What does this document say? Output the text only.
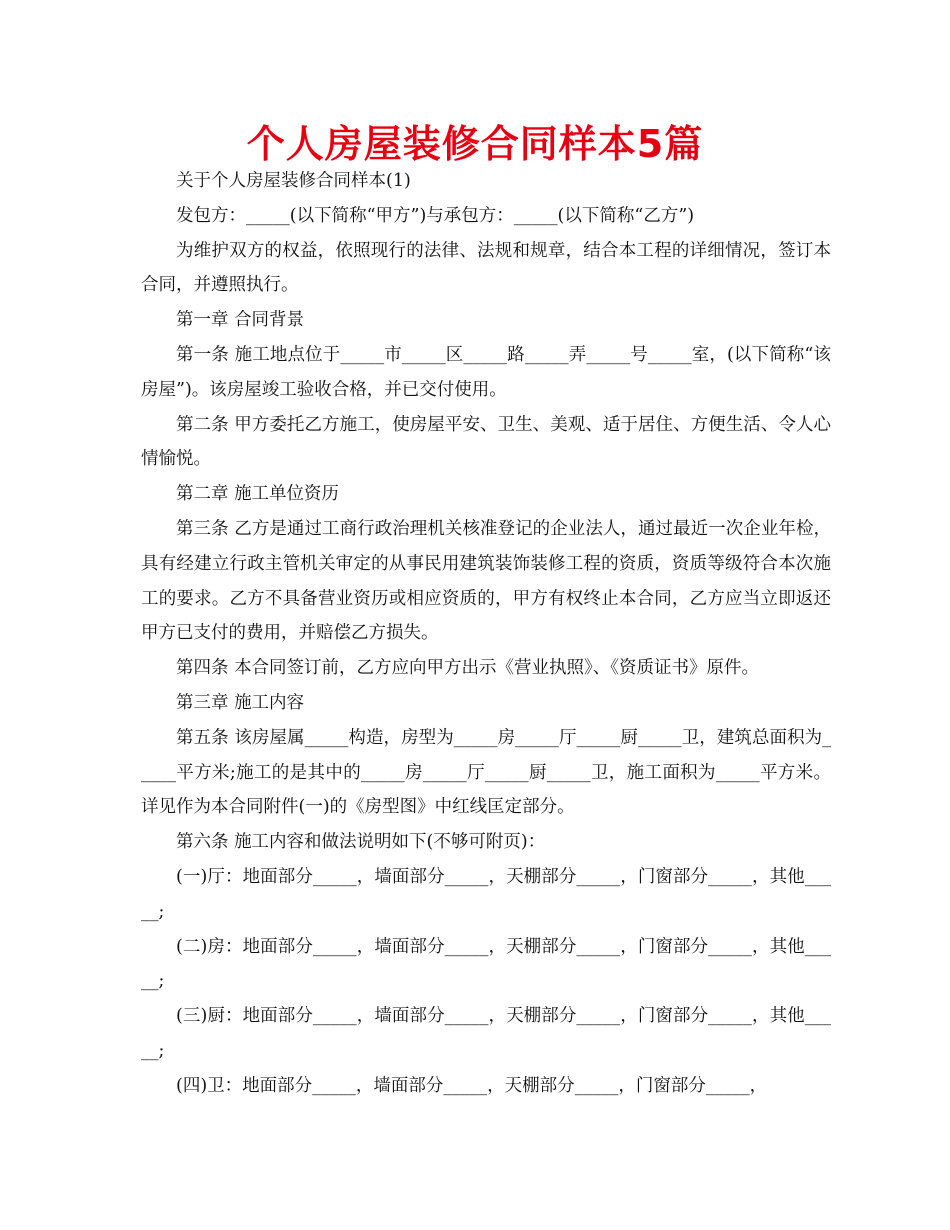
个人房屋装修合同样本5篇

关于个人房屋装修合同样本(1)

发包方：_____(以下简称“甲方”)与承包方：_____(以下简称“乙方”)

为维护双方的权益，依照现行的法律、法规和规章，结合本工程的详细情况，签订本合同，并遵照执行。

第一章 合同背景

第一条 施工地点位于_____市_____区_____路_____弄_____号_____室，(以下简称“该房屋”)。该房屋竣工验收合格，并已交付使用。

第二条 甲方委托乙方施工，使房屋平安、卫生、美观、适于居住、方便生活、令人心情愉悦。

第二章 施工单位资历

第三条 乙方是通过工商行政治理机关核准登记的企业法人，通过最近一次企业年检，具有经建立行政主管机关审定的从事民用建筑装饰装修工程的资质，资质等级符合本次施工的要求。乙方不具备营业资历或相应资质的，甲方有权终止本合同，乙方应当立即返还甲方已支付的费用，并赔偿乙方损失。

第四条 本合同签订前，乙方应向甲方出示《营业执照》、《资质证书》原件。

第三章 施工内容

第五条 该房屋属_____构造，房型为_____房_____厅_____厨_____卫，建筑总面积为_____平方米;施工的是其中的_____房_____厅_____厨_____卫，施工面积为_____平方米。详见作为本合同附件(一)的《房型图》中红线匡定部分。

第六条 施工内容和做法说明如下(不够可附页)：

(一)厅：地面部分_____，墙面部分_____，天棚部分_____，门窗部分_____，其他_____;

(二)房：地面部分_____，墙面部分_____，天棚部分_____，门窗部分_____，其他_____;

(三)厨：地面部分_____，墙面部分_____，天棚部分_____，门窗部分_____，其他_____;

(四)卫：地面部分_____，墙面部分_____，天棚部分_____，门窗部分_____，
